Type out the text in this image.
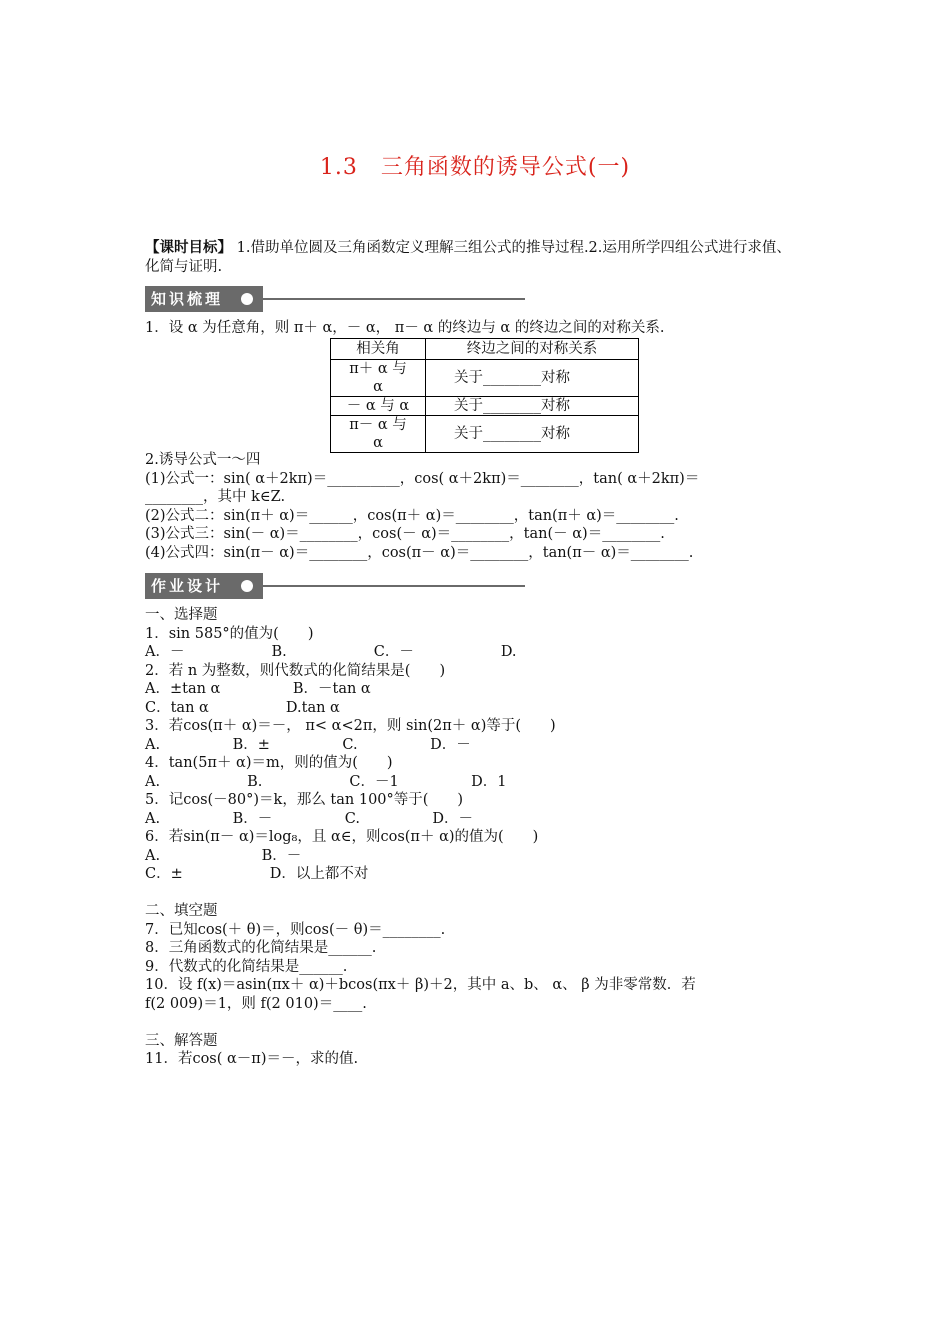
1.3　三角函数的诱导公式(一)
【课时目标】 1.借助单位圆及三角函数定义理解三组公式的推导过程.2.运用所学四组公式进行求值、化简与证明.
知识梳理
1．设 α 为任意角，则 π＋ α，－ α， π－ α 的终边与 α 的终边之间的对称关系.
相关角	终边之间的对称关系

π＋ α 与
α	关于________对称

－ α 与 α	关于________对称

π－ α 与
α	关于________对称
2.诱导公式一～四
(1)公式一：sin( α＋2kπ)＝__________，cos( α＋2kπ)＝________，tan( α＋2kπ)＝
________，其中 k∈Z.
(2)公式二：sin(π＋ α)＝______，cos(π＋ α)＝________，tan(π＋ α)＝________.
(3)公式三：sin(－ α)＝________，cos(－ α)＝________，tan(－ α)＝________.
(4)公式四：sin(π－ α)＝________，cos(π－ α)＝________，tan(π－ α)＝________.
作业设计
一、选择题
1．sin 585°的值为(　　)
A．－　　　　　　B.　　　　　　C．－　　　　　　D.
2．若 n 为整数，则代数式的化简结果是(　　)
A．±tan α　　　　　B．－tan α
C．tan α　　　　　 D.tan α
3．若cos(π＋ α)＝－， π< α<2π，则 sin(2π＋ α)等于(　　)
A.　　　　　B．±　　　　　C.　　　　　D．－
4．tan(5π＋ α)＝m，则的值为(　　)
A.　　　　　　B.　　　　　　C．－1　　　　　D．1
5．记cos(－80°)＝k，那么 tan 100°等于(　　)
A.　　　　　B．－　　　　　C.　　　　　D．－
6．若sin(π－ α)＝log₈，且 α∈，则cos(π＋ α)的值为(　　)
A.　　　　　　　B．－
C．±　　　　　　D．以上都不对

二、填空题
7．已知cos(＋ θ)＝，则cos(－ θ)＝________.
8．三角函数式的化简结果是______.
9．代数式的化简结果是______.
10．设 f(x)＝asin(πx＋ α)＋bcos(πx＋ β)＋2，其中 a、b、 α、 β 为非零常数．若
f(2 009)＝1，则 f(2 010)＝____.

三、解答题
11．若cos( α－π)＝－，求的值.
